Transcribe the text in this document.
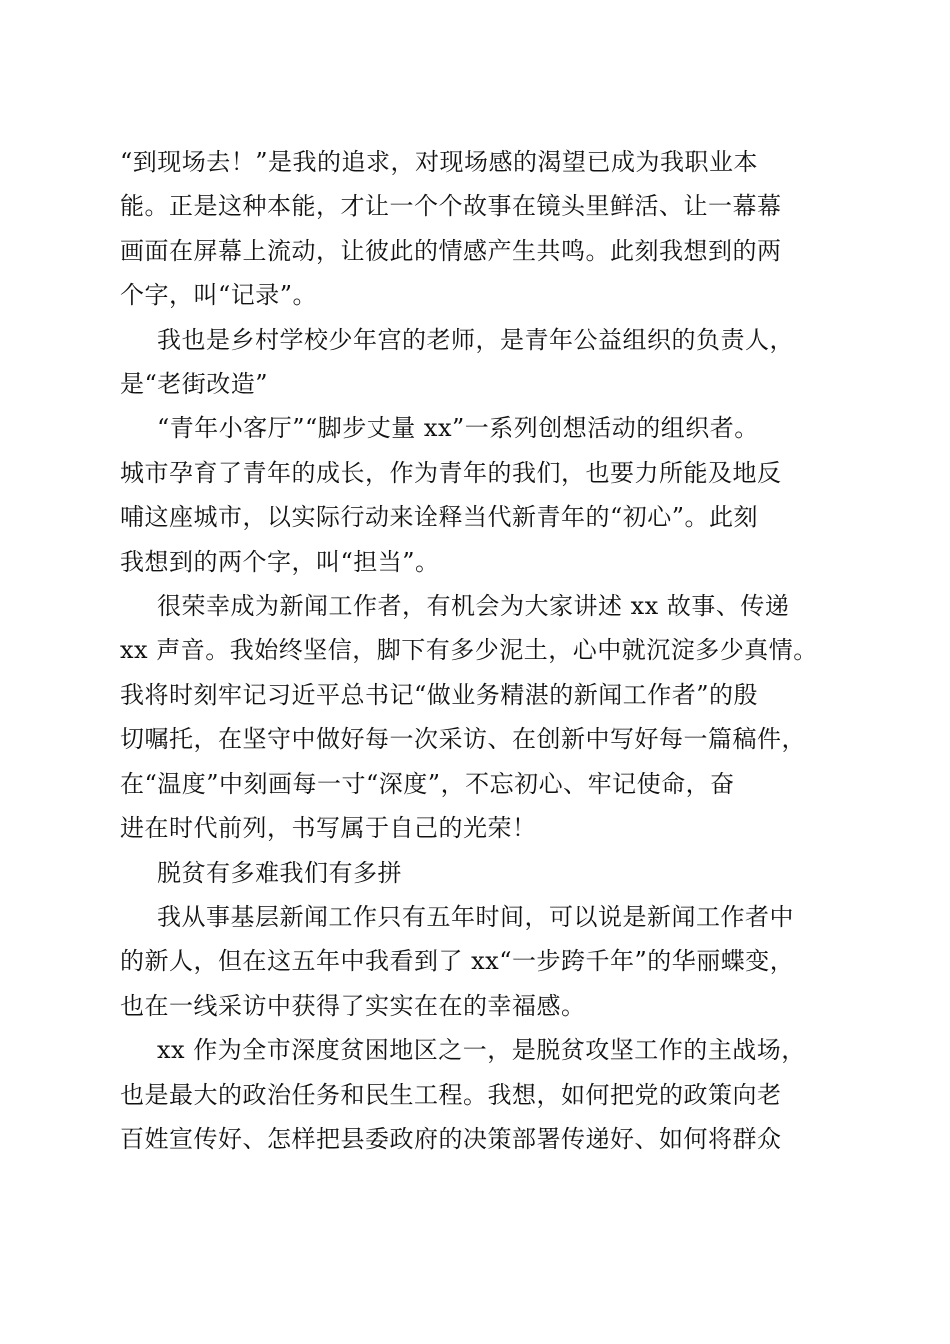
“到现场去！”是我的追求，对现场感的渴望已成为我职业本
能。正是这种本能，才让一个个故事在镜头里鲜活、让一幕幕
画面在屏幕上流动，让彼此的情感产生共鸣。此刻我想到的两
个字，叫“记录”。

我也是乡村学校少年宫的老师，是青年公益组织的负责人，
是“老街改造”

“青年小客厅”“脚步丈量 xx”一系列创想活动的组织者。
城市孕育了青年的成长，作为青年的我们，也要力所能及地反
哺这座城市，以实际行动来诠释当代新青年的“初心”。此刻
我想到的两个字，叫“担当”。

很荣幸成为新闻工作者，有机会为大家讲述 xx 故事、传递
xx 声音。我始终坚信，脚下有多少泥土，心中就沉淀多少真情。
我将时刻牢记习近平总书记“做业务精湛的新闻工作者”的殷
切嘱托，在坚守中做好每一次采访、在创新中写好每一篇稿件，
在“温度”中刻画每一寸“深度”，不忘初心、牢记使命，奋
进在时代前列，书写属于自己的光荣！

脱贫有多难我们有多拼

我从事基层新闻工作只有五年时间，可以说是新闻工作者中
的新人，但在这五年中我看到了 xx“一步跨千年”的华丽蝶变，
也在一线采访中获得了实实在在的幸福感。

xx 作为全市深度贫困地区之一，是脱贫攻坚工作的主战场，
也是最大的政治任务和民生工程。我想，如何把党的政策向老
百姓宣传好、怎样把县委政府的决策部署传递好、如何将群众
